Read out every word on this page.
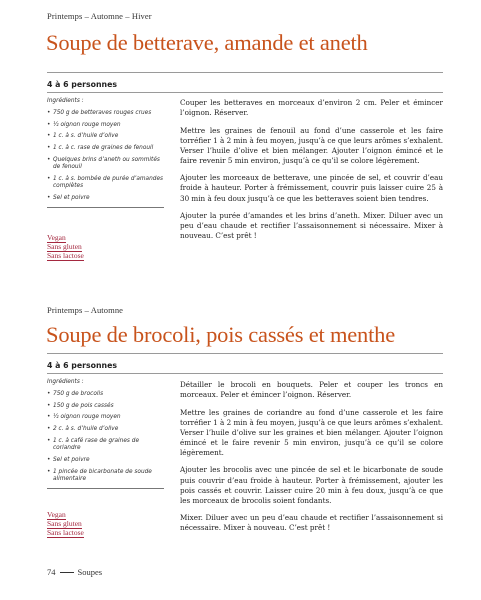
Printemps – Automne – Hiver
Soupe de betterave, amande et aneth
4 à 6 personnes
Ingrédients :
• 750 g de betteraves rouges crues
• ½ oignon rouge moyen
• 1 c. à s. d’huile d’olive
• 1 c. à c. rase de graines de fenouil
• Quelques brins d’aneth ou sommités de fenouil
• 1 c. à s. bombée de purée d’amandes complètes
• Sel et poivre
Vegan
Sans gluten
Sans lactose

Couper les betteraves en morceaux d’environ 2 cm. Peler et émincer l’oignon. Réserver.

Mettre les graines de fenouil au fond d’une casserole et les faire torréfier 1 à 2 min à feu moyen, jusqu’à ce que leurs arômes s’exhalent. Verser l’huile d’olive et bien mélanger. Ajouter l’oignon émincé et le faire revenir 5 min environ, jusqu’à ce qu’il se colore légèrement.

Ajouter les morceaux de betterave, une pincée de sel, et couvrir d’eau froide à hauteur. Porter à frémissement, couvrir puis laisser cuire 25 à 30 min à feu doux jusqu’à ce que les betteraves soient bien tendres.

Ajouter la purée d’amandes et les brins d’aneth. Mixer. Diluer avec un peu d’eau chaude et rectifier l’assaisonnement si nécessaire. Mixer à nouveau. C’est prêt !

Printemps – Automne
Soupe de brocoli, pois cassés et menthe
4 à 6 personnes
Ingrédients :
• 750 g de brocolis
• 150 g de pois cassés
• ½ oignon rouge moyen
• 2 c. à s. d’huile d’olive
• 1 c. à café rase de graines de coriandre
• Sel et poivre
• 1 pincée de bicarbonate de soude alimentaire
Vegan
Sans gluten
Sans lactose

Détailler le brocoli en bouquets. Peler et couper les troncs en morceaux. Peler et émincer l’oignon. Réserver.

Mettre les graines de coriandre au fond d’une casserole et les faire torréfier 1 à 2 min à feu moyen, jusqu’à ce que leurs arômes s’exhalent. Verser l’huile d’olive sur les graines et bien mélanger. Ajouter l’oignon émincé et le faire revenir 5 min environ, jusqu’à ce qu’il se colore légèrement.

Ajouter les brocolis avec une pincée de sel et le bicarbonate de soude puis couvrir d’eau froide à hauteur. Porter à frémissement, ajouter les pois cassés et couvrir. Laisser cuire 20 min à feu doux, jusqu’à ce que les morceaux de brocolis soient fondants.

Mixer. Diluer avec un peu d’eau chaude et rectifier l’assaisonnement si nécessaire. Mixer à nouveau. C’est prêt !

74	Soupes
